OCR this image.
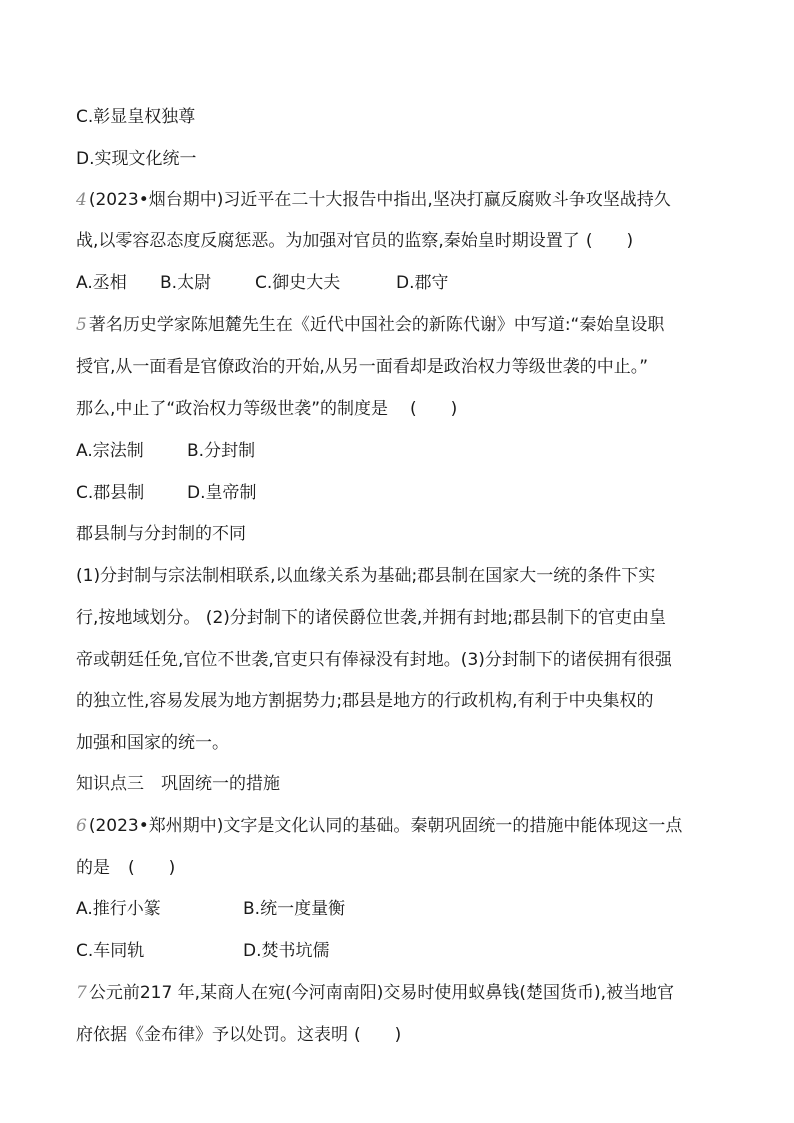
C.彰显皇权独尊
D.实现文化统一
4 (2023•烟台期中)习近平在二十大报告中指出,坚决打赢反腐败斗争攻坚战持久
战,以零容忍态度反腐惩恶。为加强对官员的监察,秦始皇时期设置了 (　　)
A.丞相 B.太尉	C.御史大夫	D.郡守
5 著名历史学家陈旭麓先生在《近代中国社会的新陈代谢》中写道:“秦始皇设职
授官,从一面看是官僚政治的开始,从另一面看却是政治权力等级世袭的中止。”
那么,中止了“政治权力等级世袭”的制度是 (　　)
A.宗法制	B.分封制
C.郡县制	D.皇帝制
郡县制与分封制的不同
(1)分封制与宗法制相联系,以血缘关系为基础;郡县制在国家大一统的条件下实
行,按地域划分。 (2)分封制下的诸侯爵位世袭,并拥有封地;郡县制下的官吏由皇
帝或朝廷任免,官位不世袭,官吏只有俸禄没有封地。(3)分封制下的诸侯拥有很强
的独立性,容易发展为地方割据势力;郡县是地方的行政机构,有利于中央集权的
加强和国家的统一。
知识点三　巩固统一的措施
6 (2023•郑州期中)文字是文化认同的基础。秦朝巩固统一的措施中能体现这一点
的是 (　　)
A.推行小篆	B.统一度量衡
C.车同轨	D.焚书坑儒
7 公元前217 年,某商人在宛(今河南南阳)交易时使用蚁鼻钱(楚国货币),被当地官
府依据《金布律》予以处罚。这表明 (　　)
